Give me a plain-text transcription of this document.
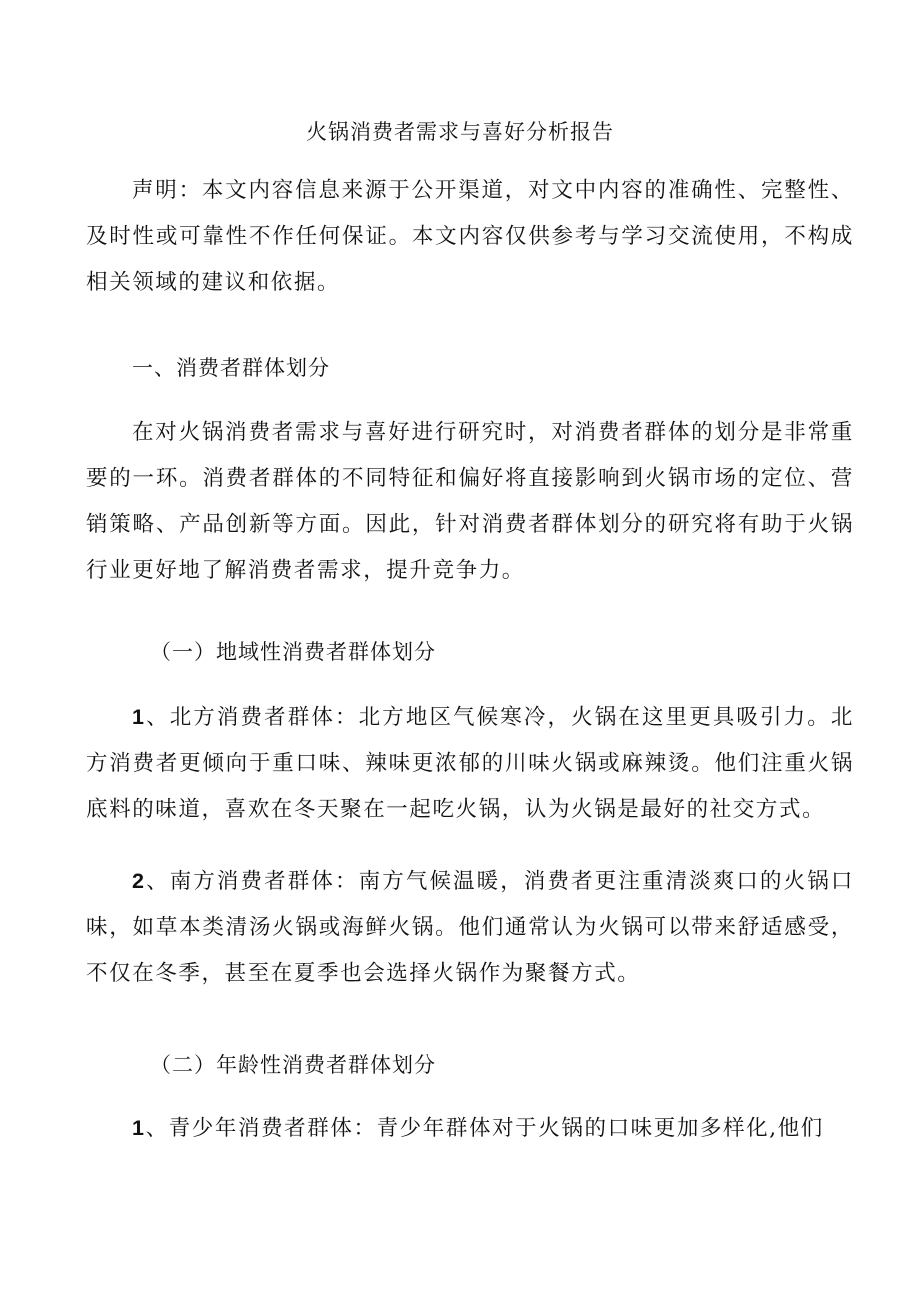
火锅消费者需求与喜好分析报告
声明：本文内容信息来源于公开渠道，对文中内容的准确性、完整性、及时性或可靠性不作任何保证。本文内容仅供参考与学习交流使用，不构成相关领域的建议和依据。
一、消费者群体划分
在对火锅消费者需求与喜好进行研究时，对消费者群体的划分是非常重要的一环。消费者群体的不同特征和偏好将直接影响到火锅市场的定位、营销策略、产品创新等方面。因此，针对消费者群体划分的研究将有助于火锅行业更好地了解消费者需求，提升竞争力。
（一）地域性消费者群体划分
1、北方消费者群体：北方地区气候寒冷，火锅在这里更具吸引力。北方消费者更倾向于重口味、辣味更浓郁的川味火锅或麻辣烫。他们注重火锅底料的味道，喜欢在冬天聚在一起吃火锅，认为火锅是最好的社交方式。
2、南方消费者群体：南方气候温暖，消费者更注重清淡爽口的火锅口味，如草本类清汤火锅或海鲜火锅。他们通常认为火锅可以带来舒适感受，不仅在冬季，甚至在夏季也会选择火锅作为聚餐方式。
（二）年龄性消费者群体划分
1、青少年消费者群体：青少年群体对于火锅的口味更加多样化,他们
